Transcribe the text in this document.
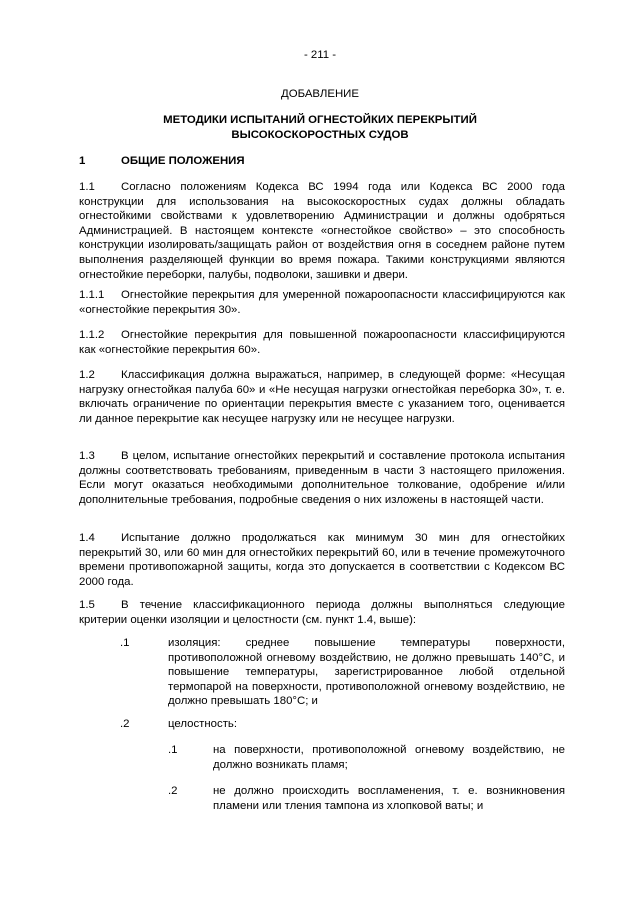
- 211 -
ДОБАВЛЕНИЕ
МЕТОДИКИ ИСПЫТАНИЙ ОГНЕСТОЙКИХ ПЕРЕКРЫТИЙ ВЫСОКОСКОРОСТНЫХ СУДОВ
1	ОБЩИЕ ПОЛОЖЕНИЯ
1.1 Согласно положениям Кодекса ВС 1994 года или Кодекса ВС 2000 года конструкции для использования на высокоскоростных судах должны обладать огнестойкими свойствами к удовлетворению Администрации и должны одобряться Администрацией. В настоящем контексте «огнестойкое свойство» – это способность конструкции изолировать/защищать район от воздействия огня в соседнем районе путем выполнения разделяющей функции во время пожара. Такими конструкциями являются огнестойкие переборки, палубы, подволоки, зашивки и двери.
1.1.1 Огнестойкие перекрытия для умеренной пожароопасности классифицируются как «огнестойкие перекрытия 30».
1.1.2 Огнестойкие перекрытия для повышенной пожароопасности классифицируются как «огнестойкие перекрытия 60».
1.2 Классификация должна выражаться, например, в следующей форме: «Несущая нагрузку огнестойкая палуба 60» и «Не несущая нагрузки огнестойкая переборка 30», т. е. включать ограничение по ориентации перекрытия вместе с указанием того, оценивается ли данное перекрытие как несущее нагрузку или не несущее нагрузки.
1.3 В целом, испытание огнестойких перекрытий и составление протокола испытания должны соответствовать требованиям, приведенным в части 3 настоящего приложения. Если могут оказаться необходимыми дополнительное толкование, одобрение и/или дополнительные требования, подробные сведения о них изложены в настоящей части.
1.4 Испытание должно продолжаться как минимум 30 мин для огнестойких перекрытий 30, или 60 мин для огнестойких перекрытий 60, или в течение промежуточного времени противопожарной защиты, когда это допускается в соответствии с Кодексом ВС 2000 года.
1.5 В течение классификационного периода должны выполняться следующие критерии оценки изоляции и целостности (см. пункт 1.4, выше):
.1	изоляция: среднее повышение температуры поверхности, противоположной огневому воздействию, не должно превышать 140°С, и повышение температуры, зарегистрированное любой отдельной термопарой на поверхности, противоположной огневому воздействию, не должно превышать 180°С; и
.2	целостность:
.1	на поверхности, противоположной огневому воздействию, не должно возникать пламя;
.2	не должно происходить воспламенения, т. е. возникновения пламени или тления тампона из хлопковой ваты; и
